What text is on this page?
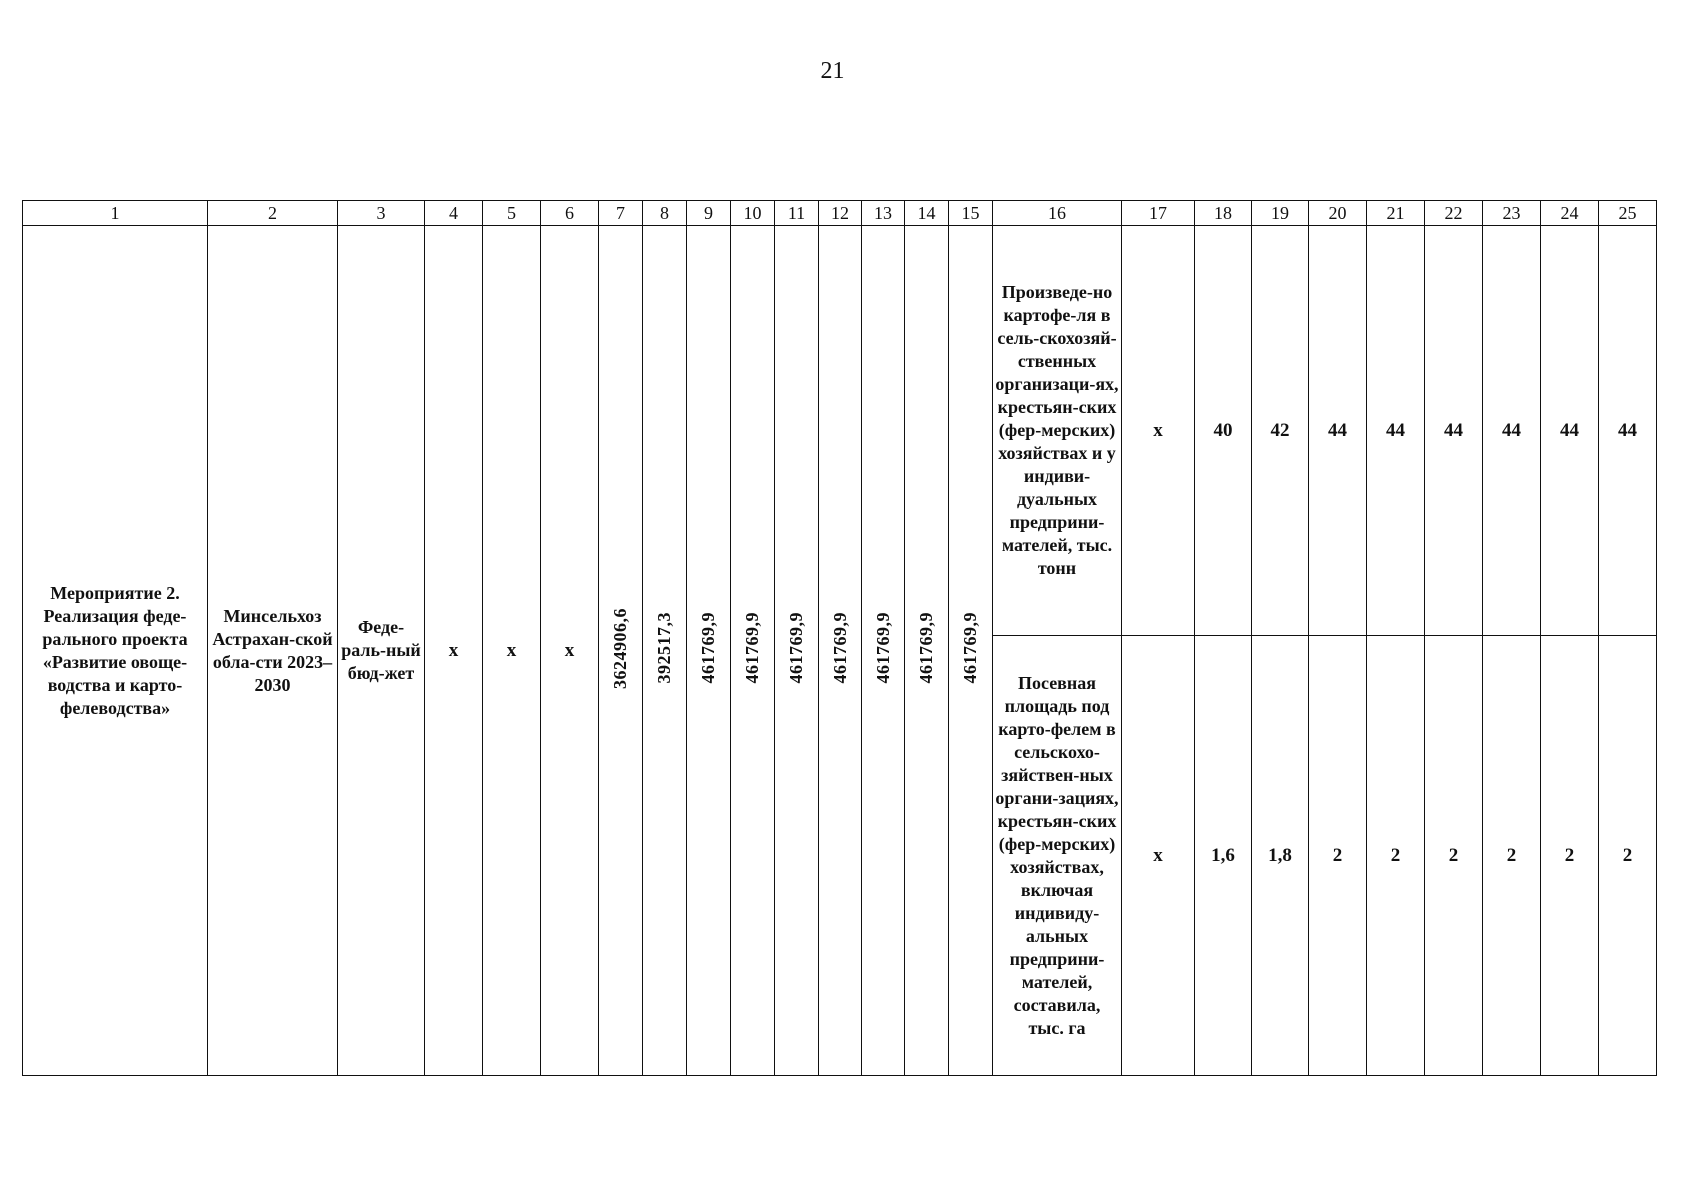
21
1	2	3	4	5	6	7	8	9	10	11	12	13	14	15	16	17	18	19	20	21	22	23	24	25

Мероприятие 2. Реализация феде-рального проекта «Развитие овоще-водства и карто-фелеводства»	Минсельхоз Астрахан-ской обла-сти 2023–2030	Феде-раль-ный бюд-жет	x	x	x	3624906,6	392517,3	461769,9	461769,9	461769,9	461769,9	461769,9	461769,9	461769,9	Произведе-но картофе-ля в сель-скохозяй-ственных организаци-ях, крестьян-ских (фер-мерских) хозяйствах и у индиви-дуальных предприни-мателей, тыс. тонн	x	40	42	44	44	44	44	44	44

															Посевная площадь под карто-фелем в сельскохо-зяйствен-ных органи-зациях, крестьян-ских (фер-мерских) хозяйствах, включая индивиду-альных предприни-мателей, составила, тыс. га	x	1,6	1,8	2	2	2	2	2	2
